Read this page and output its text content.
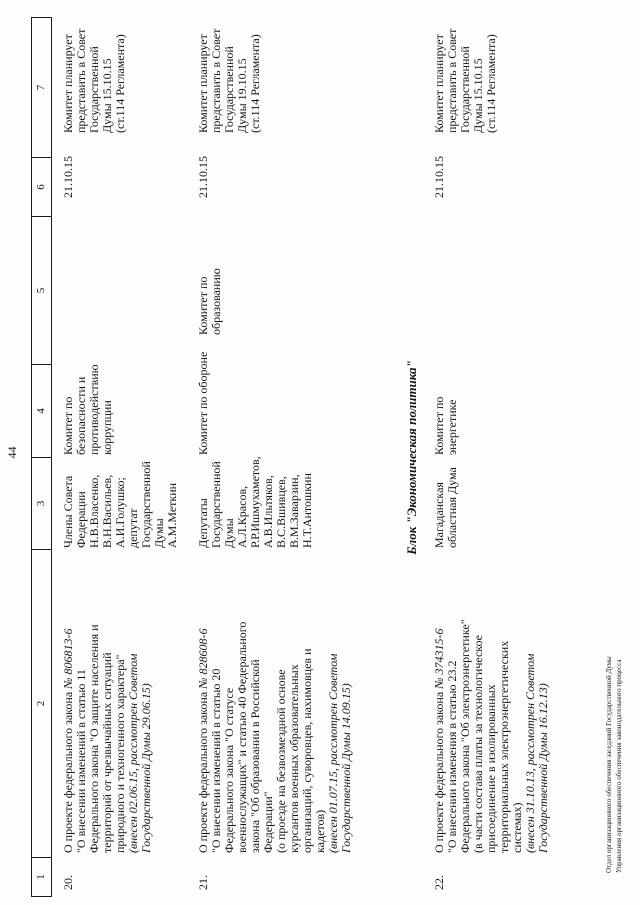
44
1
2
3
4
5
6
7
20.
О проекте федерального закона № 806813-6
"О внесении изменений в статью 11 Федерального закона "О защите населения и территорий от чрезвычайных ситуаций природного и техногенного характера" (внесен 02.06.15, рассмотрен Советом Государственной Думы 29.06.15)
Члены Совета Федерации Н.В.Власенко, В.Н.Васильев, А.И.Голушко; депутат Государственной Думы А.М.Меткин
Комитет по безопасности и противодействию коррупции
21.10.15
Комитет планирует представить в Совет Государственной Думы 15.10.15 (ст.114 Регламента)
21.
О проекте федерального закона № 828608-6
"О внесении изменений в статью 20 Федерального закона "О статусе военнослужащих" и статью 40 Федерального закона "Об образовании в Российской Федерации" (о проезде на безвозмездной основе курсантов военных образовательных организаций, суворовцев, нахимовцев и кадетов) (внесен 01.07.15, рассмотрен Советом Государственной Думы 14.09.15)
Депутаты Государственной Думы А.Л.Красов, Р.Р.Ишмухаметов, А.В.Ильтяков, В.С.Вшивцев, В.М.Заварзин, Н.Т.Антошкин
Комитет по обороне
Комитет по образованию
21.10.15
Комитет планирует представить в Совет Государственной Думы 19.10.15 (ст.114 Регламента)
Блок "Экономическая политика"
22.
О проекте федерального закона № 374315-6
"О внесении изменения в статью 23.2 Федерального закона "Об электроэнергетике" (в части состава платы за технологическое присоединение в изолированных территориальных электроэнергетических системах) (внесен 31.10.13, рассмотрен Советом Государственной Думы 16.12.13)
Магаданская областная Дума
Комитет по энергетике
21.10.15
Комитет планирует представить в Совет Государственной Думы 15.10.15 (ст.114 Регламента)
Отдел организационного обеспечения заседаний Государственной Думы Управления организационного обеспечения законодательного процесса
